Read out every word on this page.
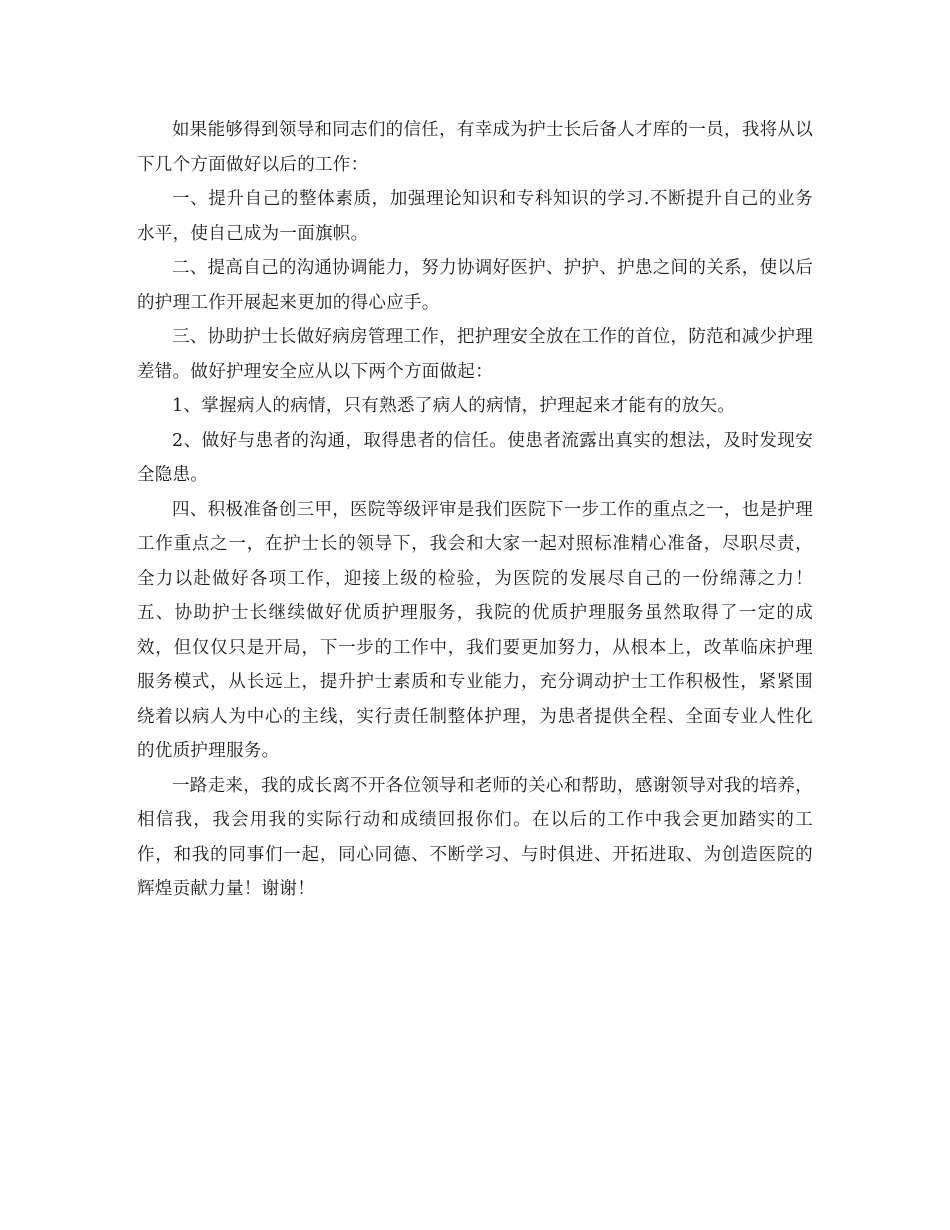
如果能够得到领导和同志们的信任，有幸成为护士长后备人才库的一员，我将从以下几个方面做好以后的工作：

一、提升自己的整体素质，加强理论知识和专科知识的学习.不断提升自己的业务水平，使自己成为一面旗帜。

二、提高自己的沟通协调能力，努力协调好医护、护护、护患之间的关系，使以后的护理工作开展起来更加的得心应手。

三、协助护士长做好病房管理工作，把护理安全放在工作的首位，防范和减少护理差错。做好护理安全应从以下两个方面做起：

1、掌握病人的病情，只有熟悉了病人的病情，护理起来才能有的放矢。

2、做好与患者的沟通，取得患者的信任。使患者流露出真实的想法，及时发现安全隐患。

四、积极准备创三甲，医院等级评审是我们医院下一步工作的重点之一，也是护理工作重点之一，在护士长的领导下，我会和大家一起对照标准精心准备，尽职尽责，全力以赴做好各项工作，迎接上级的检验，为医院的发展尽自己的一份绵薄之力！ 五、协助护士长继续做好优质护理服务，我院的优质护理服务虽然取得了一定的成效，但仅仅只是开局，下一步的工作中，我们要更加努力，从根本上，改革临床护理服务模式，从长远上，提升护士素质和专业能力，充分调动护士工作积极性，紧紧围绕着以病人为中心的主线，实行责任制整体护理，为患者提供全程、全面专业人性化的优质护理服务。

一路走来，我的成长离不开各位领导和老师的关心和帮助，感谢领导对我的培养，相信我，我会用我的实际行动和成绩回报你们。在以后的工作中我会更加踏实的工作，和我的同事们一起，同心同德、不断学习、与时俱进、开拓进取、为创造医院的辉煌贡献力量！谢谢！
